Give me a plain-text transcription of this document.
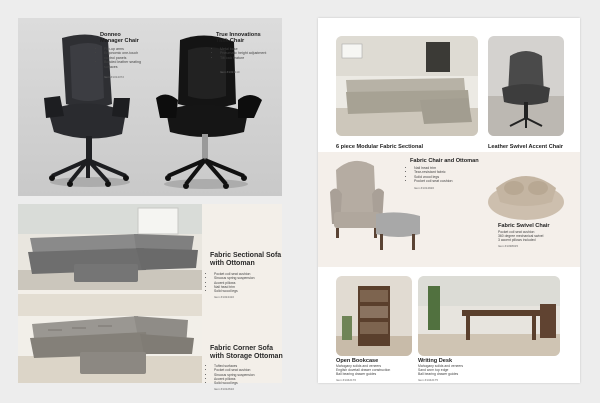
Donneo
Manager Chair
• Flip-up arms
• Ergonomic one-touch control panels
• Bonded leather seating surfaces
Item #1314372
True Innovations
Task Chair
• Metal base
• Pneumatic height adjustment
• Tilt lock feature
Item #1321110
Fabric Sectional Sofa
with Ottoman
• Pocket coil seat cushion
• Sinuous spring suspension
• Accent pillows
• Nail head trim
• Solid wood legs
Item #1324410
Fabric Corner Sofa
with Storage Ottoman
• Tufted surfaces
• Pocket coil seat cushion
• Sinuous spring suspension
• Accent pillows
• Solid wood legs
Item #1312610
6 piece Modular Fabric Sectional	Leather Swivel Accent Chair
Fabric Chair and Ottoman
• Nail head trim
• Tear-resistant fabric
• Solid wood legs
• Pocket coil seat cushion
Item #1314920
Fabric Swivel Chair
Pocket coil seat cushion
360 degree mechanical swivel
3 accent pillows included
Item #1338015
Open Bookcase
Mahogany solids and veneers
English dovetail drawer construction
Ball bearing drawer guides
Item #1342176
Writing Desk
Mahogany solids and veneers
Sand worn top edge
Ball bearing drawer guides
Item #1342175
